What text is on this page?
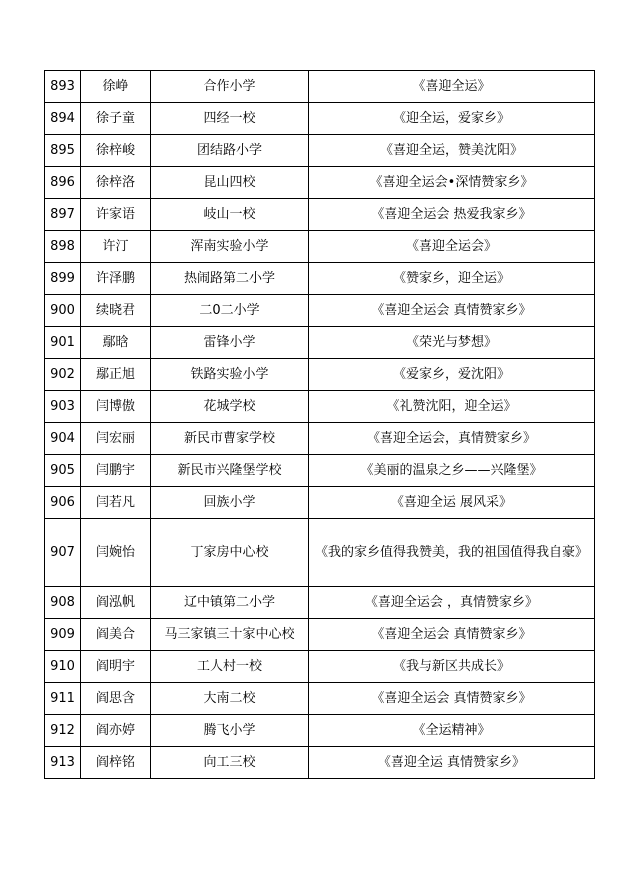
893	徐峥	合作小学	《喜迎全运》
894	徐子童	四经一校	《迎全运，爱家乡》
895	徐梓峻	团结路小学	《喜迎全运，赞美沈阳》
896	徐梓洛	昆山四校	《喜迎全运会•深情赞家乡》
897	许家语	岐山一校	《喜迎全运会 热爱我家乡》
898	许汀	浑南实验小学	《喜迎全运会》
899	许泽鹏	热闹路第二小学	《赞家乡，迎全运》
900	续晓君	二0二小学	《喜迎全运会 真情赞家乡》
901	鄢晗	雷锋小学	《荣光与梦想》
902	鄢正旭	铁路实验小学	《爱家乡，爱沈阳》
903	闫博傲	花城学校	《礼赞沈阳，迎全运》
904	闫宏丽	新民市曹家学校	《喜迎全运会，真情赞家乡》
905	闫鹏宇	新民市兴隆堡学校	《美丽的温泉之乡——兴隆堡》
906	闫若凡	回族小学	《喜迎全运 展风采》
907	闫婉怡	丁家房中心校	《我的家乡值得我赞美，我的祖国值得我自豪》
908	阎泓帆	辽中镇第二小学	《喜迎全运会 ，真情赞家乡》
909	阎美合	马三家镇三十家中心校	《喜迎全运会 真情赞家乡》
910	阎明宇	工人村一校	《我与新区共成长》
911	阎思含	大南二校	《喜迎全运会 真情赞家乡》
912	阎亦婷	腾飞小学	《全运精神》
913	阎梓铭	向工三校	《喜迎全运 真情赞家乡》
